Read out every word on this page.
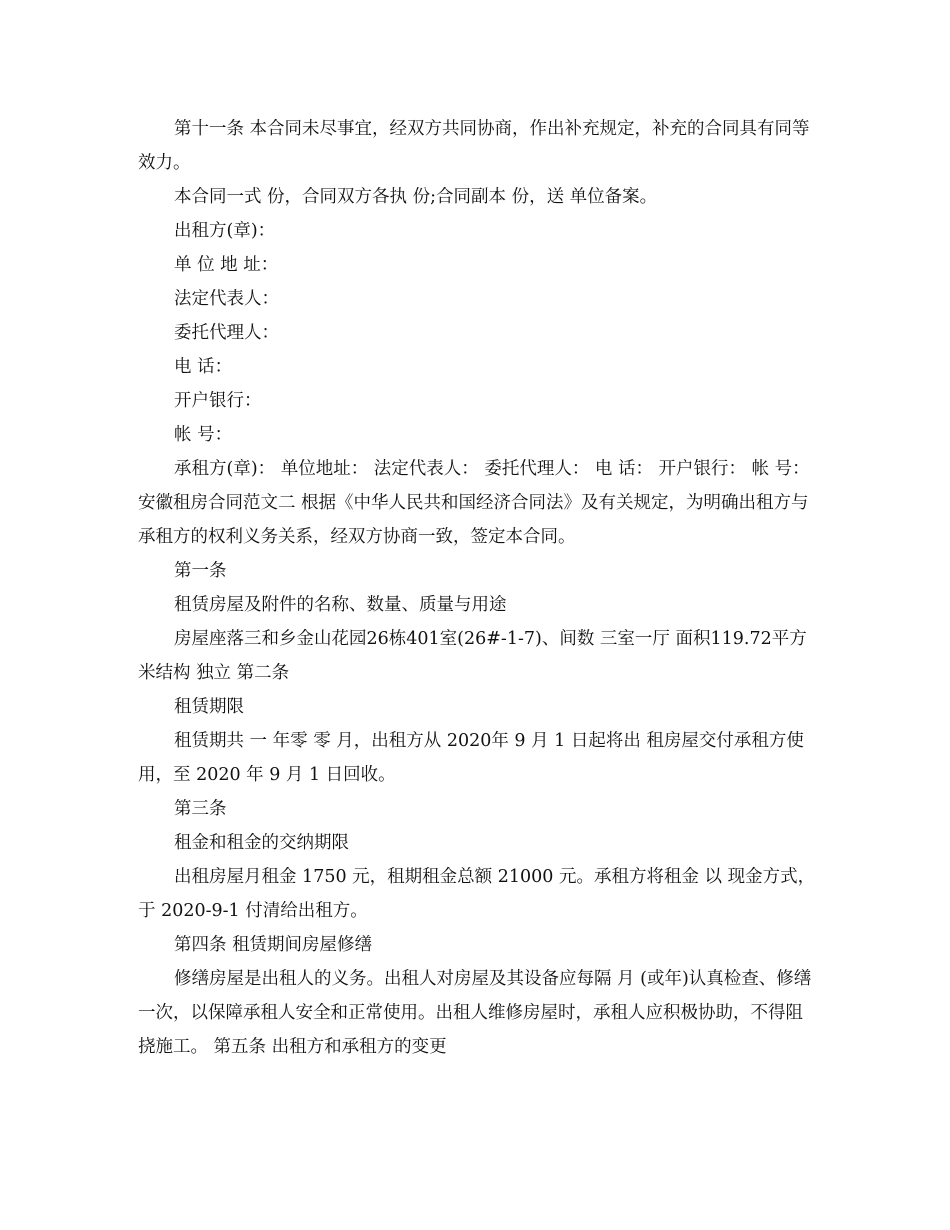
第十一条 本合同未尽事宜，经双方共同协商，作出补充规定，补充的合同具有同等效力。

本合同一式 份，合同双方各执 份;合同副本 份，送 单位备案。

出租方(章)：

单 位 地 址：

法定代表人：

委托代理人：

电 话：

开户银行：

帐 号：

承租方(章)： 单位地址： 法定代表人： 委托代理人： 电 话： 开户银行： 帐 号：

安徽租房合同范文二 根据《中华人民共和国经济合同法》及有关规定，为明确出租方与承租方的权利义务关系，经双方协商一致，签定本合同。

第一条

租赁房屋及附件的名称、数量、质量与用途

房屋座落三和乡金山花园26栋401室(26#-1-7)、间数 三室一厅 面积119.72平方米结构 独立 第二条

租赁期限

租赁期共 一 年零 零 月，出租方从 2020年 9 月 1 日起将出 租房屋交付承租方使用，至 2020 年 9 月 1 日回收。

第三条

租金和租金的交纳期限

出租房屋月租金 1750 元，租期租金总额 21000 元。承租方将租金 以 现金方式，于 2020-9-1 付清给出租方。

第四条 租赁期间房屋修缮

修缮房屋是出租人的义务。出租人对房屋及其设备应每隔 月 (或年)认真检查、修缮一次，以保障承租人安全和正常使用。出租人维修房屋时，承租人应积极协助，不得阻挠施工。 第五条 出租方和承租方的变更
